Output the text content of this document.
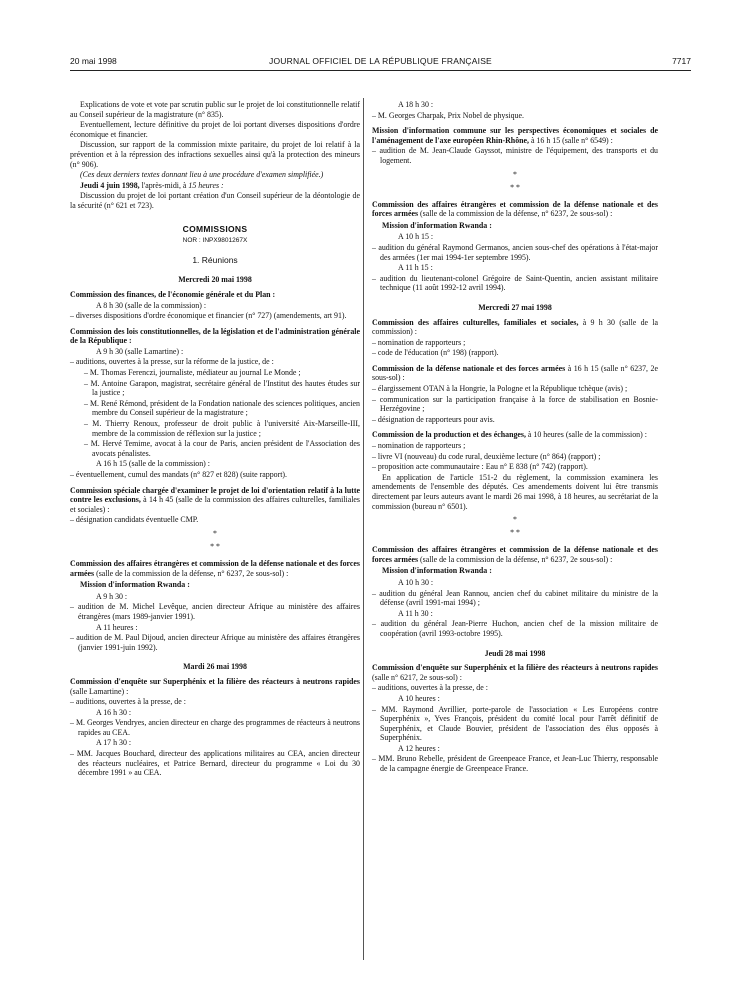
20 mai 1998	JOURNAL OFFICIEL DE LA RÉPUBLIQUE FRANÇAISE	7717

Explications de vote et vote par scrutin public sur le projet de loi constitutionnelle relatif au Conseil supérieur de la magistrature (n° 835).

Eventuellement, lecture définitive du projet de loi portant diverses dispositions d'ordre économique et financier.

Discussion, sur rapport de la commission mixte paritaire, du projet de loi relatif à la prévention et à la répression des infractions sexuelles ainsi qu'à la protection des mineurs (n° 906).

(Ces deux derniers textes donnant lieu à une procédure d'examen simplifiée.)

Jeudi 4 juin 1998, l'après-midi, à 15 heures :

Discussion du projet de loi portant création d'un Conseil supérieur de la déontologie de la sécurité (n° 621 et 723).

COMMISSIONS
NOR : INPX9801267X
1. Réunions
Mercredi 20 mai 1998

Commission des finances, de l'économie générale et du Plan :

A 8 h 30 (salle de la commission) :

– diverses dispositions d'ordre économique et financier (n° 727) (amendements, art 91).

Commission des lois constitutionnelles, de la législation et de l'administration générale de la République :

A 9 h 30 (salle Lamartine) :

– auditions, ouvertes à la presse, sur la réforme de la justice, de :

– M. Thomas Ferenczi, journaliste, médiateur au journal Le Monde ;

– M. Antoine Garapon, magistrat, secrétaire général de l'Institut des hautes études sur la justice ;

– M. René Rémond, président de la Fondation nationale des sciences politiques, ancien membre du Conseil supérieur de la magistrature ;

– M. Thierry Renoux, professeur de droit public à l'université Aix-Marseille-III, membre de la commission de réflexion sur la justice ;

– M. Hervé Temime, avocat à la cour de Paris, ancien président de l'Association des avocats pénalistes.

A 16 h 15 (salle de la commission) :

– éventuellement, cumul des mandats (n° 827 et 828) (suite rapport).

Commission spéciale chargée d'examiner le projet de loi d'orientation relatif à la lutte contre les exclusions, à 14 h 45 (salle de la commission des affaires culturelles, familiales et sociales) :

– désignation candidats éventuelle CMP.

*
* *

Commission des affaires étrangères et commission de la défense nationale et des forces armées (salle de la commission de la défense, n° 6237, 2e sous-sol) :

Mission d'information Rwanda :

A 9 h 30 :

– audition de M. Michel Levêque, ancien directeur Afrique au ministère des affaires étrangères (mars 1989-janvier 1991).

A 11 heures :

– audition de M. Paul Dijoud, ancien directeur Afrique au ministère des affaires étrangères (janvier 1991-juin 1992).

Mardi 26 mai 1998

Commission d'enquête sur Superphénix et la filière des réacteurs à neutrons rapides (salle Lamartine) :

– auditions, ouvertes à la presse, de :

A 16 h 30 :

– M. Georges Vendryes, ancien directeur en charge des programmes de réacteurs à neutrons rapides au CEA.

A 17 h 30 :

– MM. Jacques Bouchard, directeur des applications militaires au CEA, ancien directeur des réacteurs nucléaires, et Patrice Bernard, directeur du programme « Loi du 30 décembre 1991 » au CEA.

A 18 h 30 :

– M. Georges Charpak, Prix Nobel de physique.

Mission d'information commune sur les perspectives économiques et sociales de l'aménagement de l'axe européen Rhin-Rhône, à 16 h 15 (salle n° 6549) :

– audition de M. Jean-Claude Gayssot, ministre de l'équipement, des transports et du logement.

*
* *

Commission des affaires étrangères et commission de la défense nationale et des forces armées (salle de la commission de la défense, n° 6237, 2e sous-sol) :

Mission d'information Rwanda :

A 10 h 15 :

– audition du général Raymond Germanos, ancien sous-chef des opérations à l'état-major des armées (1er mai 1994-1er septembre 1995).

A 11 h 15 :

– audition du lieutenant-colonel Grégoire de Saint-Quentin, ancien assistant militaire technique (11 août 1992-12 avril 1994).

Mercredi 27 mai 1998

Commission des affaires culturelles, familiales et sociales, à 9 h 30 (salle de la commission) :

– nomination de rapporteurs ;

– code de l'éducation (n° 198) (rapport).

Commission de la défense nationale et des forces armées à 16 h 15 (salle n° 6237, 2e sous-sol) :

– élargissement OTAN à la Hongrie, la Pologne et la République tchèque (avis) ;

– communication sur la participation française à la force de stabilisation en Bosnie-Herzégovine ;

– désignation de rapporteurs pour avis.

Commission de la production et des échanges, à 10 heures (salle de la commission) :

– nomination de rapporteurs ;

– livre VI (nouveau) du code rural, deuxième lecture (n° 864) (rapport) ;

– proposition acte communautaire : Eau n° E 838 (n° 742) (rapport).

En application de l'article 151-2 du règlement, la commission examinera les amendements de l'ensemble des députés. Ces amendements doivent lui être transmis directement par leurs auteurs avant le mardi 26 mai 1998, à 18 heures, au secrétariat de la commission (bureau n° 6501).

*
* *

Commission des affaires étrangères et commission de la défense nationale et des forces armées (salle de la commission de la défense, n° 6237, 2e sous-sol) :

Mission d'information Rwanda :

A 10 h 30 :

– audition du général Jean Rannou, ancien chef du cabinet militaire du ministre de la défense (avril 1991-mai 1994) ;

A 11 h 30 :

– audition du général Jean-Pierre Huchon, ancien chef de la mission militaire de coopération (avril 1993-octobre 1995).

Jeudi 28 mai 1998

Commission d'enquête sur Superphénix et la filière des réacteurs à neutrons rapides (salle n° 6217, 2e sous-sol) :

– auditions, ouvertes à la presse, de :

A 10 heures :

– MM. Raymond Avrillier, porte-parole de l'association « Les Européens contre Superphénix », Yves François, président du comité local pour l'arrêt définitif de Superphénix, et Claude Bouvier, président de l'association des élus opposés à Superphénix.

A 12 heures :

– MM. Bruno Rebelle, président de Greenpeace France, et Jean-Luc Thierry, responsable de la campagne énergie de Greenpeace France.
